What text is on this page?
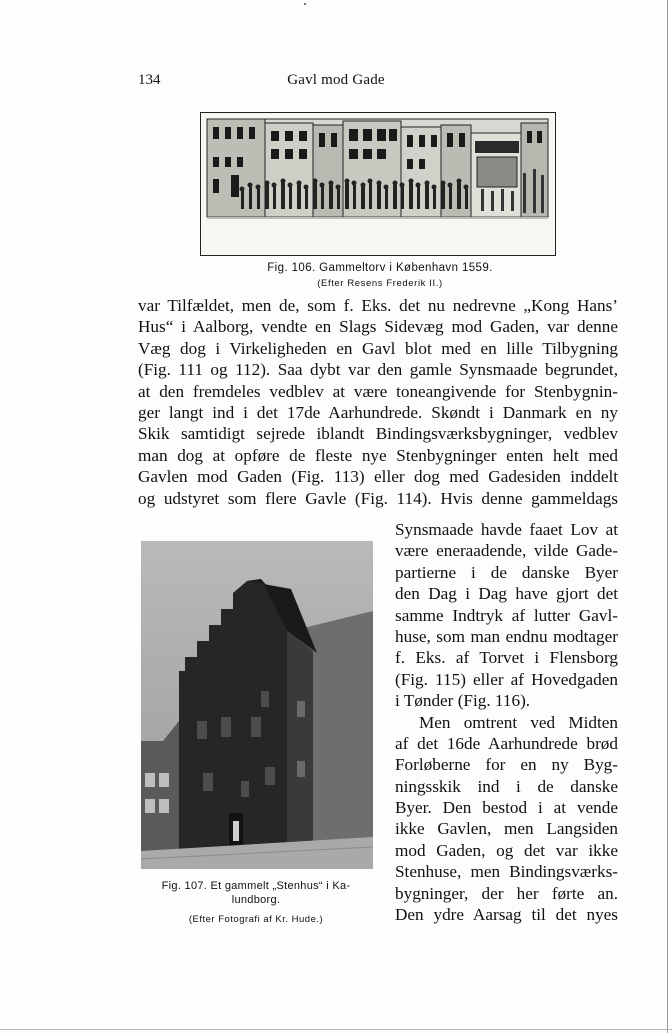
134	Gavl mod Gade
Fig. 106. Gammeltorv i København 1559.
(Efter Resens Frederik II.)
var Tilfældet, men de, som f. Eks. det nu nedrevne „Kong Hans’
Hus“ i Aalborg, vendte en Slags Sidevæg mod Gaden, var denne
Væg dog i Virkeligheden en Gavl blot med en lille Tilbygning
(Fig. 111 og 112). Saa dybt var den gamle Synsmaade begrundet,
at den fremdeles vedblev at være toneangivende for Stenbygnin-
ger langt ind i det 17de Aarhundrede. Skøndt i Danmark en ny
Skik samtidigt sejrede iblandt Bindingsværksbygninger, vedblev
man dog at opføre de fleste nye Stenbygninger enten helt med
Gavlen mod Gaden (Fig. 113) eller dog med Gadesiden inddelt
og udstyret som flere Gavle (Fig. 114). Hvis denne gammeldags
Fig. 107. Et gammelt „Stenhus“ i Ka-
lundborg.
(Efter Fotografi af Kr. Hude.)
Synsmaade havde faaet Lov at
være eneraadende, vilde Gade-
partierne i de danske Byer
den Dag i Dag have gjort det
samme Indtryk af lutter Gavl-
huse, som man endnu modtager
f. Eks. af Torvet i Flensborg
(Fig. 115) eller af Hovedgaden
i Tønder (Fig. 116).
Men omtrent ved Midten
af det 16de Aarhundrede brød
Forløberne for en ny Byg-
ningsskik ind i de danske
Byer. Den bestod i at vende
ikke Gavlen, men Langsiden
mod Gaden, og det var ikke
Stenhuse, men Bindingsværks-
bygninger, der her førte an.
Den ydre Aarsag til det nyes
